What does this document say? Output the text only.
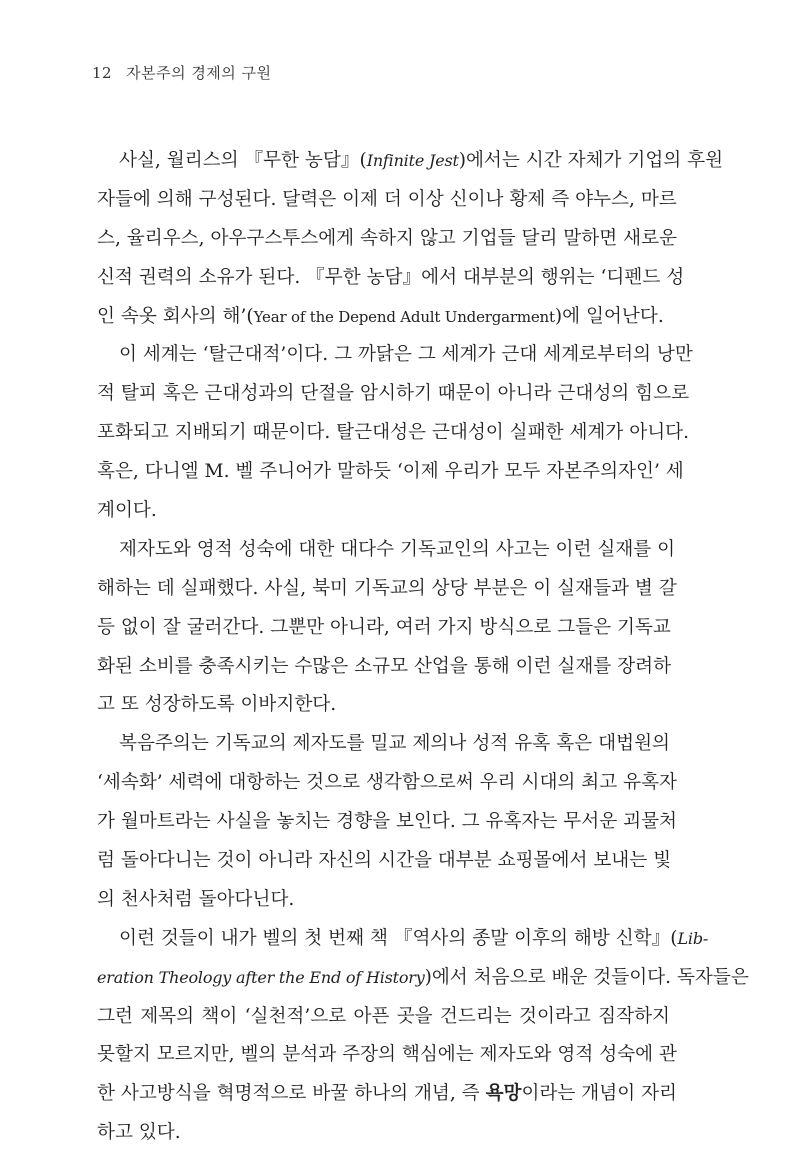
12 자본주의 경제의 구원
사실, 월리스의 『무한 농담』(Infinite Jest)에서는 시간 자체가 기업의 후원
자들에 의해 구성된다. 달력은 이제 더 이상 신이나 황제 즉 야누스, 마르
스, 율리우스, 아우구스투스에게 속하지 않고 기업들 달리 말하면 새로운
신적 권력의 소유가 된다. 『무한 농담』에서 대부분의 행위는 ‘디펜드 성
인 속옷 회사의 해’(Year of the Depend Adult Undergarment)에 일어난다.
이 세계는 ‘탈근대적’이다. 그 까닭은 그 세계가 근대 세계로부터의 낭만
적 탈피 혹은 근대성과의 단절을 암시하기 때문이 아니라 근대성의 힘으로
포화되고 지배되기 때문이다. 탈근대성은 근대성이 실패한 세계가 아니다.
혹은, 다니엘 M. 벨 주니어가 말하듯 ‘이제 우리가 모두 자본주의자인’ 세
계이다.
제자도와 영적 성숙에 대한 대다수 기독교인의 사고는 이런 실재를 이
해하는 데 실패했다. 사실, 북미 기독교의 상당 부분은 이 실재들과 별 갈
등 없이 잘 굴러간다. 그뿐만 아니라, 여러 가지 방식으로 그들은 기독교
화된 소비를 충족시키는 수많은 소규모 산업을 통해 이런 실재를 장려하
고 또 성장하도록 이바지한다.
복음주의는 기독교의 제자도를 밀교 제의나 성적 유혹 혹은 대법원의
‘세속화’ 세력에 대항하는 것으로 생각함으로써 우리 시대의 최고 유혹자
가 월마트라는 사실을 놓치는 경향을 보인다. 그 유혹자는 무서운 괴물처
럼 돌아다니는 것이 아니라 자신의 시간을 대부분 쇼핑몰에서 보내는 빛
의 천사처럼 돌아다닌다.
이런 것들이 내가 벨의 첫 번째 책 『역사의 종말 이후의 해방 신학』(Lib-
eration Theology after the End of History)에서 처음으로 배운 것들이다. 독자들은
그런 제목의 책이 ‘실천적’으로 아픈 곳을 건드리는 것이라고 짐작하지
못할지 모르지만, 벨의 분석과 주장의 핵심에는 제자도와 영적 성숙에 관
한 사고방식을 혁명적으로 바꿀 하나의 개념, 즉 욕망이라는 개념이 자리
하고 있다.
